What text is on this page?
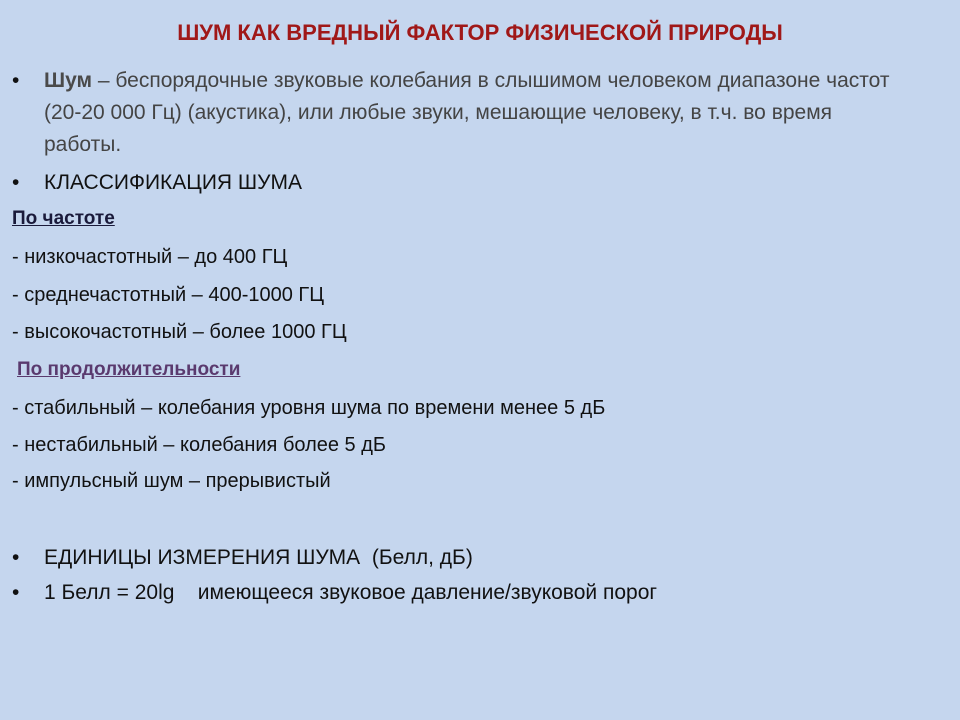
ШУМ КАК ВРЕДНЫЙ ФАКТОР ФИЗИЧЕСКОЙ ПРИРОДЫ
•	Шум – беспорядочные звуковые колебания в слышимом человеком диапазоне частот (20-20 000 Гц) (акустика), или любые звуки, мешающие человеку, в т.ч. во время работы.
•	КЛАССИФИКАЦИЯ ШУМА
По частоте
- низкочастотный – до 400 ГЦ
- среднечастотный – 400-1000 ГЦ
- высокочастотный – более 1000 ГЦ
По продолжительности
- стабильный – колебания уровня шума по времени менее 5 дБ
- нестабильный – колебания более 5 дБ
- импульсный шум – прерывистый
•	ЕДИНИЦЫ ИЗМЕРЕНИЯ ШУМА  (Белл, дБ)
•	1 Белл = 20lg    имеющееся звуковое давление/звуковой порог
